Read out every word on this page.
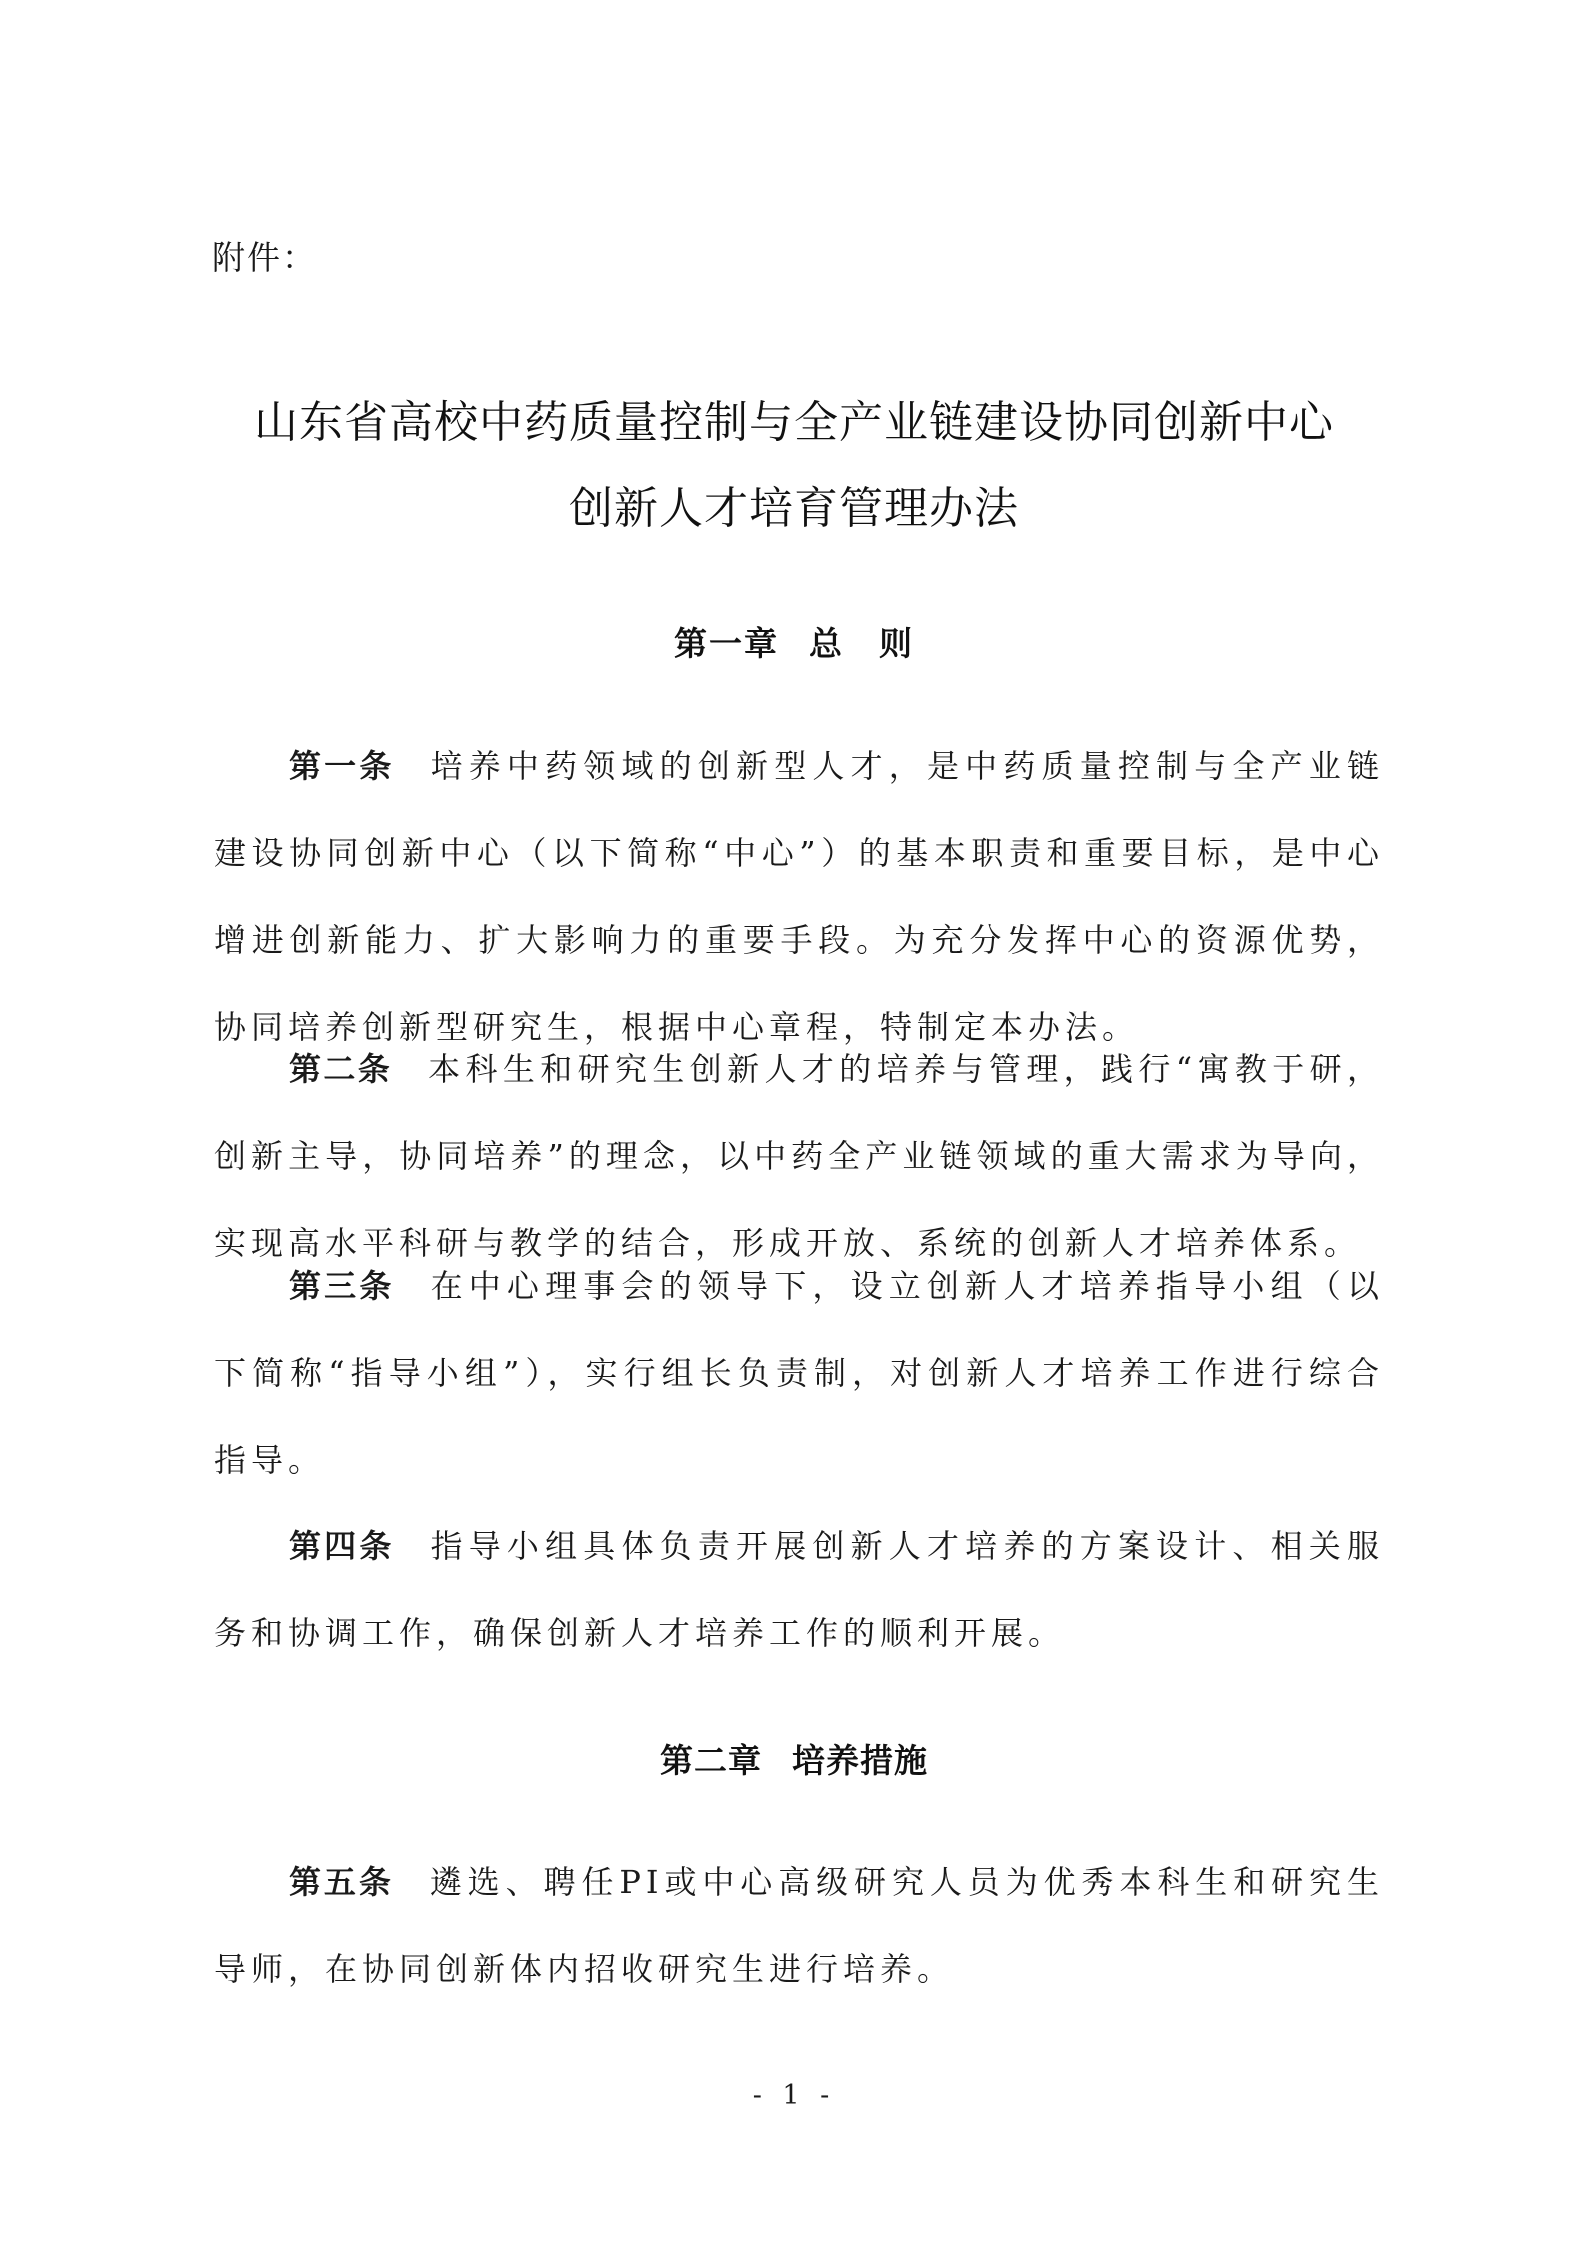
附件：
山东省高校中药质量控制与全产业链建设协同创新中心
创新人才培育管理办法
第一章 总　则
第一条 培养中药领域的创新型人才，是中药质量控制与全产业链建设协同创新中心（以下简称“中心”）的基本职责和重要目标，是中心增进创新能力、扩大影响力的重要手段。为充分发挥中心的资源优势，协同培养创新型研究生，根据中心章程，特制定本办法。
第二条 本科生和研究生创新人才的培养与管理，践行“寓教于研，创新主导，协同培养”的理念，以中药全产业链领域的重大需求为导向，实现高水平科研与教学的结合，形成开放、系统的创新人才培养体系。
第三条 在中心理事会的领导下，设立创新人才培养指导小组（以下简称“指导小组”），实行组长负责制，对创新人才培养工作进行综合指导。
第四条 指导小组具体负责开展创新人才培养的方案设计、相关服务和协调工作，确保创新人才培养工作的顺利开展。
第二章 培养措施
第五条 遴选、聘任PI或中心高级研究人员为优秀本科生和研究生导师，在协同创新体内招收研究生进行培养。
- 1 -
